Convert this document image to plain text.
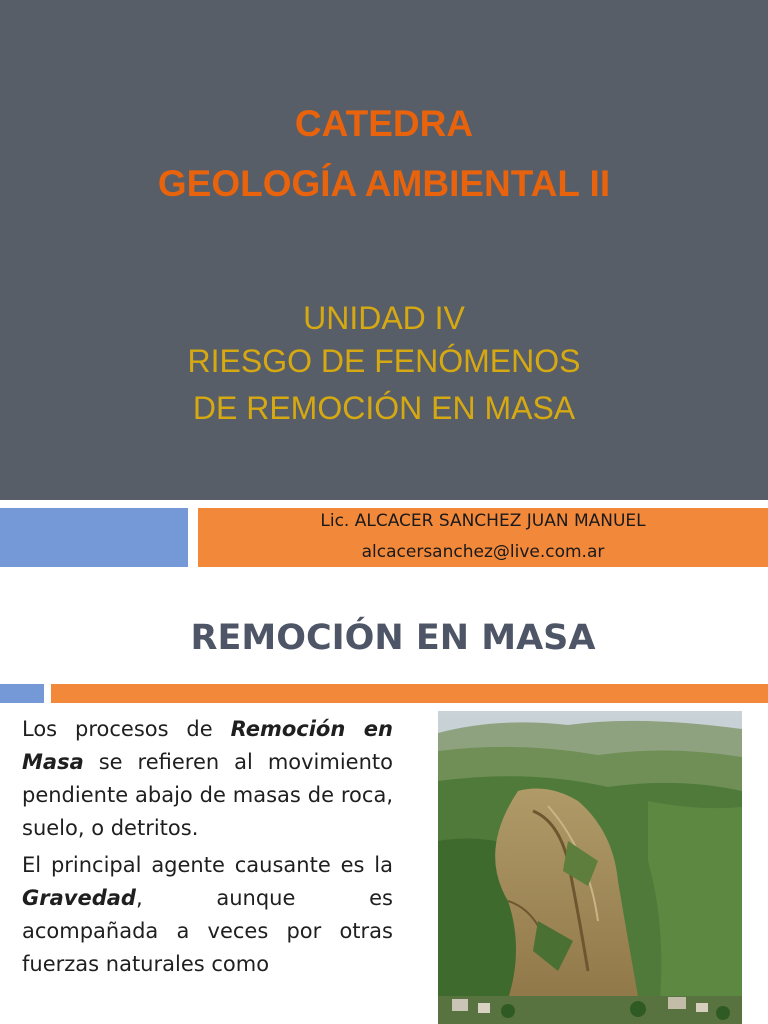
CATEDRA
GEOLOGÍA AMBIENTAL II
UNIDAD IV
RIESGO DE FENÓMENOS
DE REMOCIÓN EN MASA
Lic. ALCACER SANCHEZ JUAN MANUEL
alcacersanchez@live.com.ar
REMOCIÓN EN MASA

Los procesos de Remoción en Masa se refieren al movimiento pendiente abajo de masas de roca, suelo, o detritos.

El principal agente causante es la Gravedad, aunque es acompañada a veces por otras fuerzas naturales como
